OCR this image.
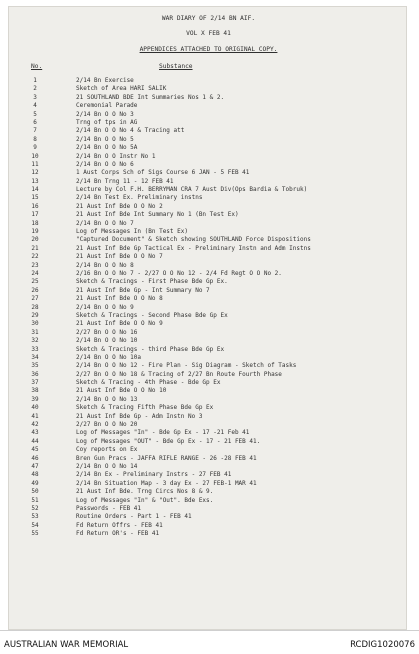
WAR DIARY OF 2/14 BN AIF.
VOL X FEB 41
APPENDICES ATTACHED TO ORIGINAL COPY.
No.	Substance
1	2/14 Bn Exercise
2	Sketch of Area HARI SALIK
3	21 SOUTHLAND BDE Int Summaries Nos 1 & 2.
4	Ceremonial Parade
5	2/14 Bn O O No 3
6	Trng of tps in AG
7	2/14 Bn O O No 4 & Tracing att
8	2/14 Bn O O No 5
9	2/14 Bn O O No 5A
10	2/14 Bn O O Instr No 1
11	2/14 Bn O O No 6
12	1 Aust Corps Sch of Sigs Course 6 JAN - 5 FEB 41
13	2/14 Bn Trng 11 - 12 FEB 41
14	Lecture by Col F.H. BERRYMAN CRA 7 Aust Div(Ops Bardia & Tobruk)
15	2/14 Bn Test Ex. Preliminary instns
16	21 Aust Inf Bde O O No 2
17	21 Aust Inf Bde Int Summary No 1 (Bn Test Ex)
18	2/14 Bn O O No 7
19	Log of Messages In (Bn Test Ex)
20	"Captured Document" & Sketch showing SOUTHLAND Force Dispositions
21	21 Aust Inf Bde Gp Tactical Ex - Preliminary Instn and Adm Instns
22	21 Aust Inf Bde O O No 7
23	2/14 Bn O O No 8
24	2/16 Bn O O No 7 - 2/27 O O No 12 - 2/4 Fd Regt O O No 2.
25	Sketch & Tracings - First Phase Bde Gp Ex.
26	21 Aust Inf Bde Gp - Int Summary No 7
27	21 Aust Inf Bde O O No 8
28	2/14 Bn O O No 9
29	Sketch & Tracings - Second Phase Bde Gp Ex
30	21 Aust Inf Bde O O No 9
31	2/27 Bn O O No 16
32	2/14 Bn O O No 10
33	Sketch & Tracings - third Phase Bde Gp Ex
34	2/14 Bn O O No 10a
35	2/14 Bn O O No 12 - Fire Plan - Sig Diagram - Sketch of Tasks
36	2/27 Bn O O No 18 & Tracing of 2/27 Bn Route Fourth Phase
37	Sketch & Tracing - 4th Phase - Bde Gp Ex
38	21 Aust Inf Bde O O No 10
39	2/14 Bn O O No 13
40	Sketch & Tracing Fifth Phase Bde Gp Ex
41	21 Aust Inf Bde Gp - Adm Instn No 3
42	2/27 Bn O O No 20
43	Log of Messages "In" - Bde Gp Ex - 17 -21 Feb 41
44	Log of Messages "OUT" - Bde Gp Ex - 17 - 21 FEB 41.
45	Coy reports on Ex
46	Bren Gun Pracs - JAFFA RIFLE RANGE - 26 -28 FEB 41
47	2/14 Bn O O No 14
48	2/14 Bn Ex - Preliminary Instrs - 27 FEB 41
49	2/14 Bn Situation Map - 3 day Ex - 27 FEB-1 MAR 41
50	21 Aust Inf Bde. Trng Circs Nos 8 & 9.
51	Log of Messages "In" & "Out". Bde Exs.
52	Passwords - FEB 41
53	Routine Orders - Part 1 - FEB 41
54	Fd Return Offrs - FEB 41
55	Fd Return OR's - FEB 41
AUSTRALIAN WAR MEMORIAL	RCDIG1020076
